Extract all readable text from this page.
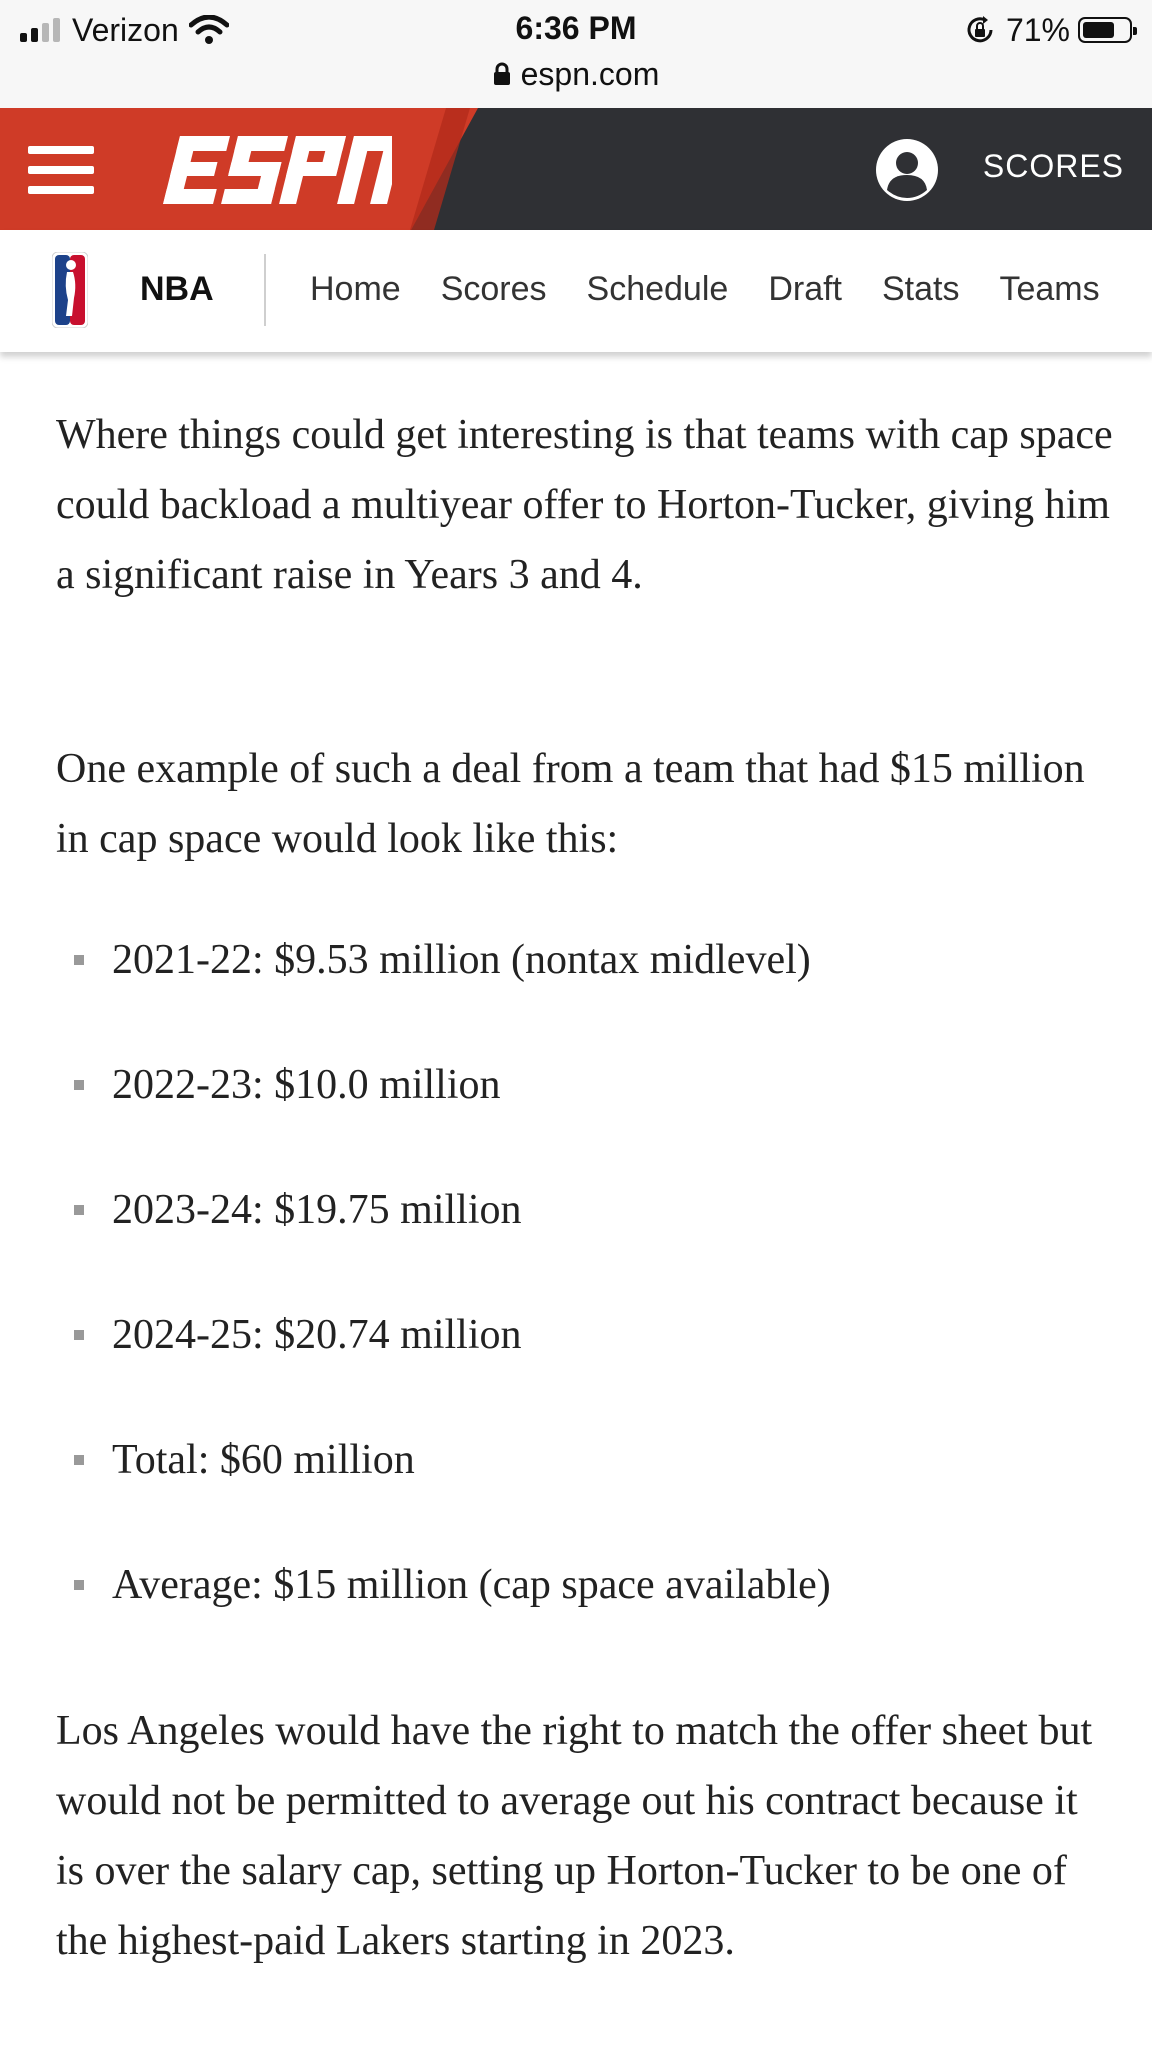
Verizon	6:36 PM	71%
espn.com
ESPN
SCORES
NBA	Home Scores Schedule Draft Stats Teams

Where things could get interesting is that teams with cap space could backload a multiyear offer to Horton-Tucker, giving him a significant raise in Years 3 and 4.

One example of such a deal from a team that had $15 million in cap space would look like this:

2021-22: $9.53 million (nontax midlevel)
2022-23: $10.0 million
2023-24: $19.75 million
2024-25: $20.74 million
Total: $60 million
Average: $15 million (cap space available)

Los Angeles would have the right to match the offer sheet but would not be permitted to average out his contract because it is over the salary cap, setting up Horton-Tucker to be one of the highest-paid Lakers starting in 2023.
